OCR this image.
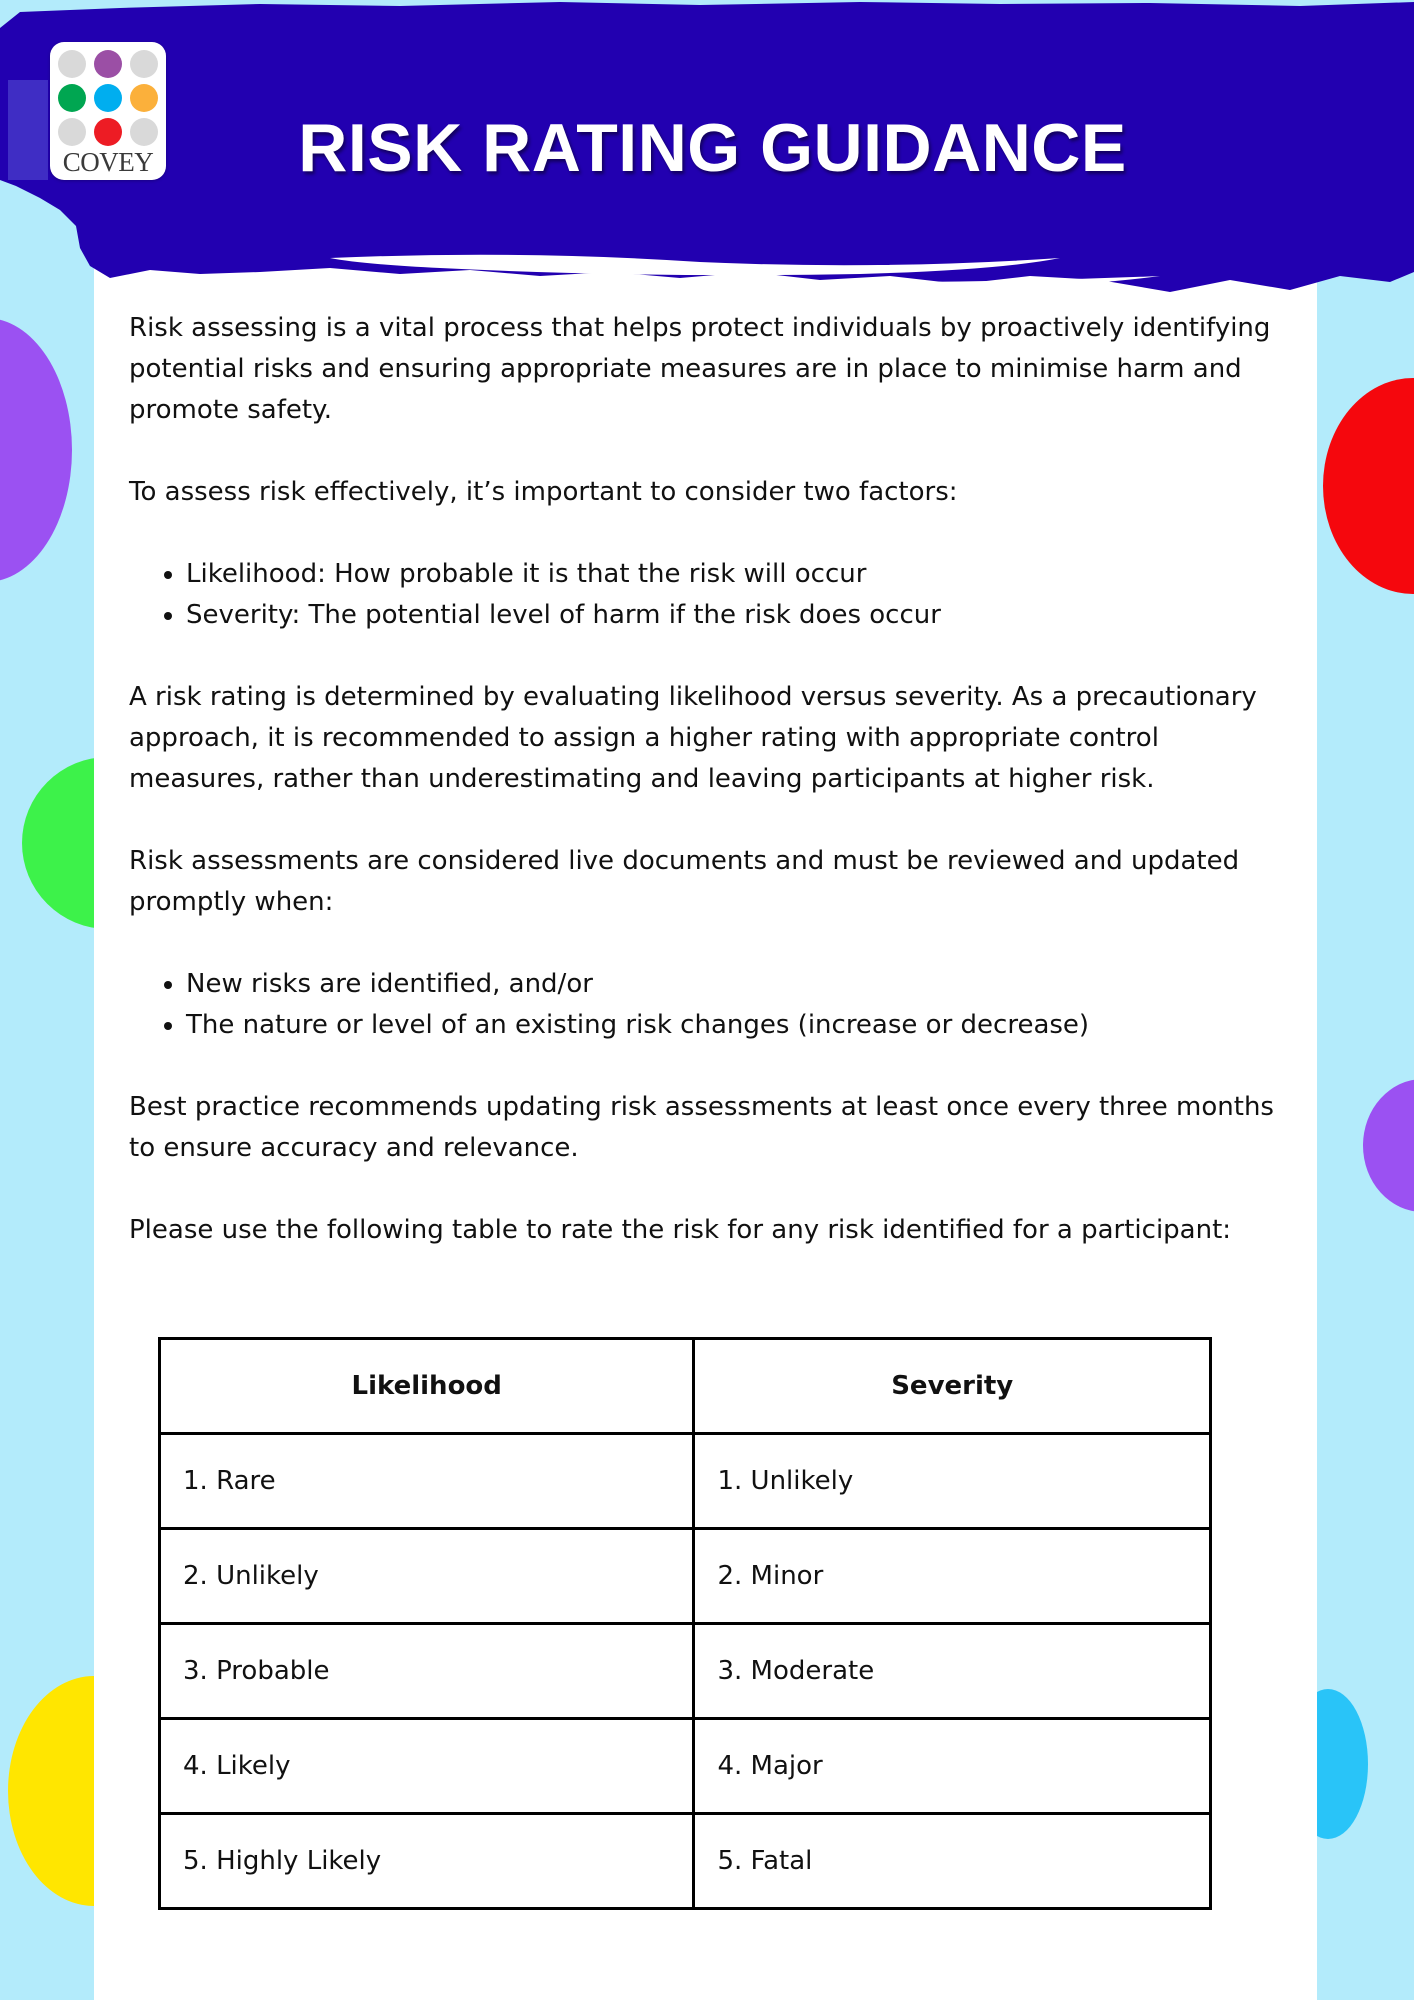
COVEY	RISK RATING GUIDANCE

Risk assessing is a vital process that helps protect individuals by proactively identifying potential risks and ensuring appropriate measures are in place to minimise harm and promote safety.

To assess risk effectively, it’s important to consider two factors:

• Likelihood: How probable it is that the risk will occur
• Severity: The potential level of harm if the risk does occur

A risk rating is determined by evaluating likelihood versus severity. As a precautionary approach, it is recommended to assign a higher rating with appropriate control measures, rather than underestimating and leaving participants at higher risk.

Risk assessments are considered live documents and must be reviewed and updated promptly when:

• New risks are identified, and/or
• The nature or level of an existing risk changes (increase or decrease)

Best practice recommends updating risk assessments at least once every three months to ensure accuracy and relevance.

Please use the following table to rate the risk for any risk identified for a participant:

Likelihood	Severity
1. Rare	1. Unlikely
2. Unlikely	2. Minor
3. Probable	3. Moderate
4. Likely	4. Major
5. Highly Likely	5. Fatal
